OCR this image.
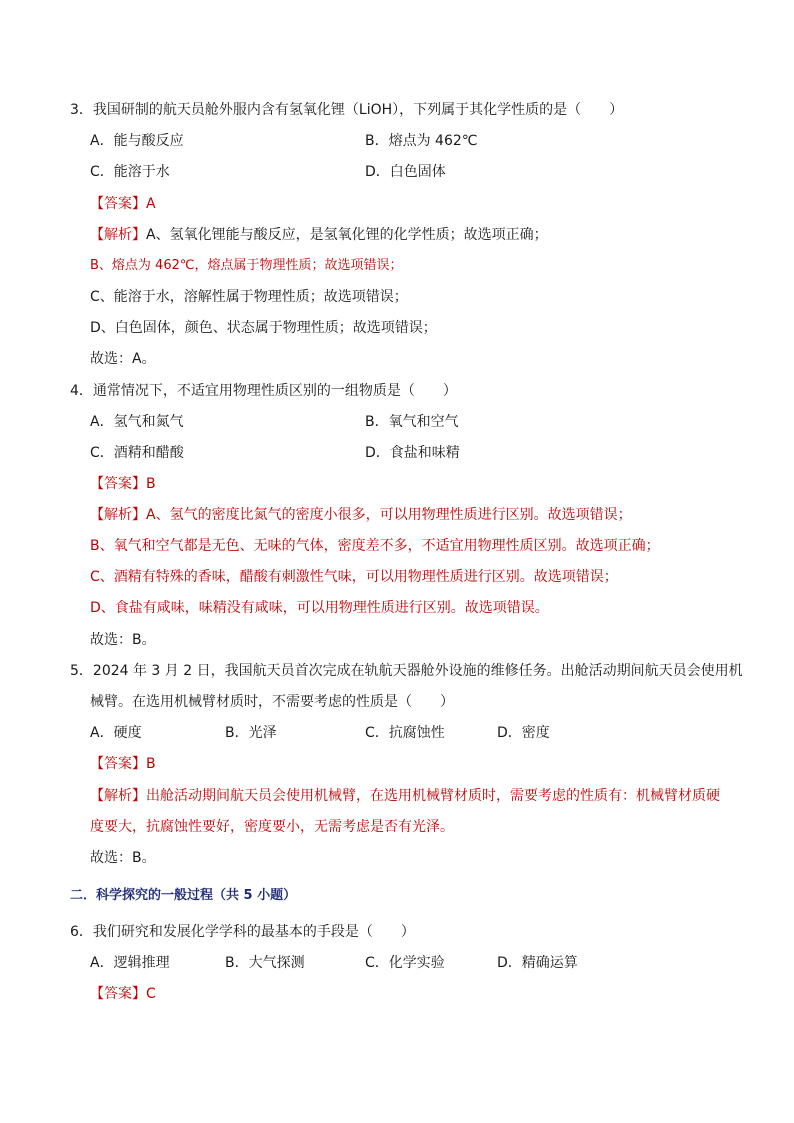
3．我国研制的航天员舱外服内含有氢氧化锂（LiOH），下列属于其化学性质的是（　　）
A．能与酸反应	B．熔点为 462℃
C．能溶于水	D．白色固体
【答案】A
【解析】A、氢氧化锂能与酸反应，是氢氧化锂的化学性质；故选项正确；
B、熔点为 462℃，熔点属于物理性质；故选项错误；
C、能溶于水，溶解性属于物理性质；故选项错误；
D、白色固体，颜色、状态属于物理性质；故选项错误；
故选：A。
4．通常情况下，不适宜用物理性质区别的一组物质是（　　）
A．氢气和氮气	B．氧气和空气
C．酒精和醋酸	D．食盐和味精
【答案】B
【解析】A、氢气的密度比氮气的密度小很多，可以用物理性质进行区别。故选项错误；
B、氧气和空气都是无色、无味的气体，密度差不多，不适宜用物理性质区别。故选项正确；
C、酒精有特殊的香味，醋酸有刺激性气味，可以用物理性质进行区别。故选项错误；
D、食盐有咸味，味精没有咸味，可以用物理性质进行区别。故选项错误。
故选：B。
5．2024 年 3 月 2 日，我国航天员首次完成在轨航天器舱外设施的维修任务。出舱活动期间航天员会使用机
械臂。在选用机械臂材质时，不需要考虑的性质是（　　）
A．硬度	B．光泽	C．抗腐蚀性	D．密度
【答案】B
【解析】出舱活动期间航天员会使用机械臂，在选用机械臂材质时，需要考虑的性质有：机械臂材质硬
度要大，抗腐蚀性要好，密度要小，无需考虑是否有光泽。
故选：B。
二．科学探究的一般过程（共 5 小题）
6．我们研究和发展化学学科的最基本的手段是（　　）
A．逻辑推理	B．大气探测	C．化学实验	D．精确运算
【答案】C
